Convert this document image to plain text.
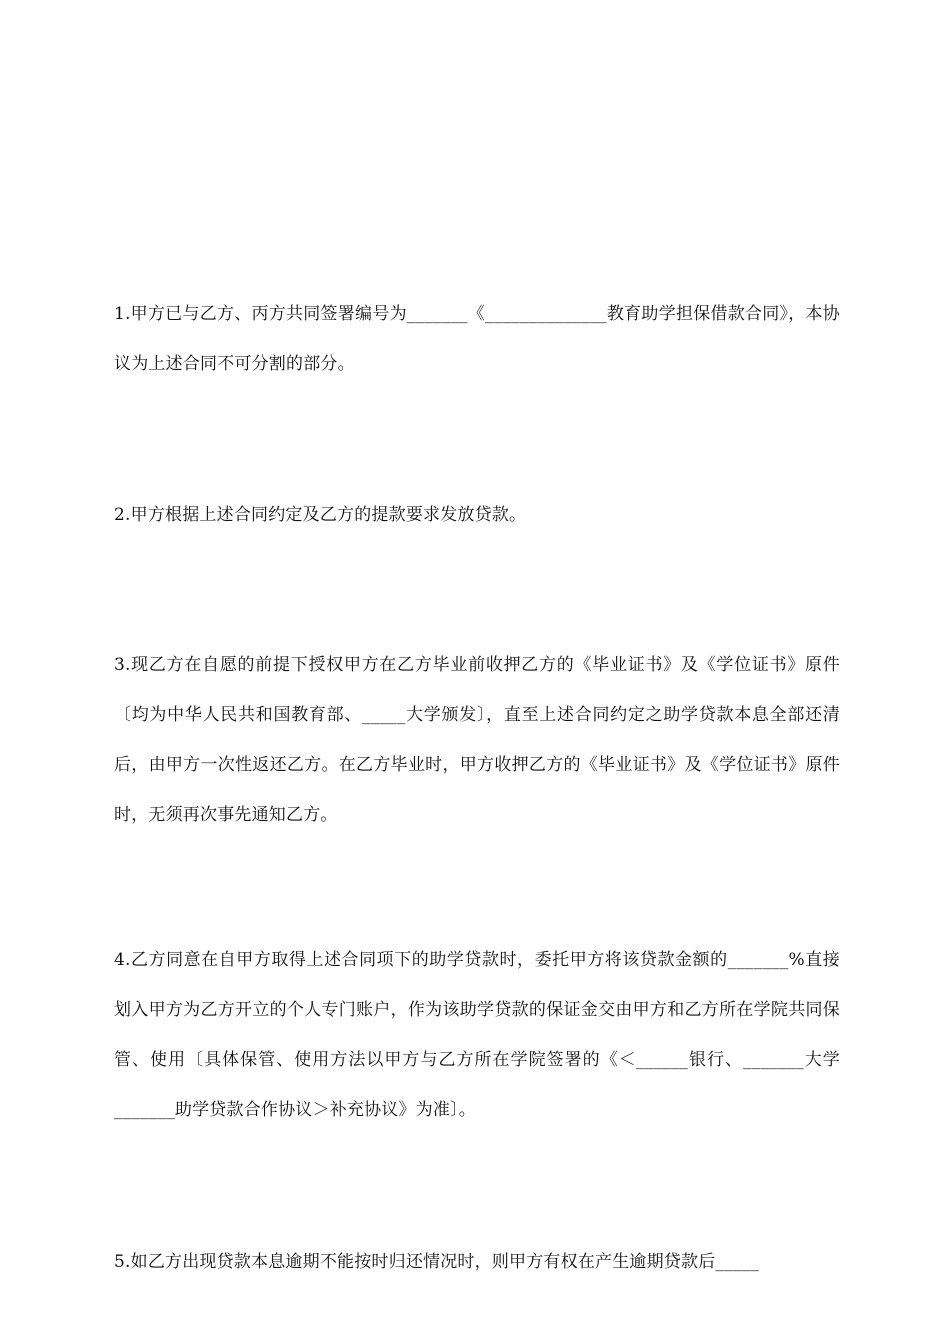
1.甲方已与乙方、丙方共同签署编号为_______《______________教育助学担保借款合同》，本协议为上述合同不可分割的部分。

2.甲方根据上述合同约定及乙方的提款要求发放贷款。

3.现乙方在自愿的前提下授权甲方在乙方毕业前收押乙方的《毕业证书》及《学位证书》原件〔均为中华人民共和国教育部、_____大学颁发〕，直至上述合同约定之助学贷款本息全部还清后，由甲方一次性返还乙方。在乙方毕业时，甲方收押乙方的《毕业证书》及《学位证书》原件时，无须再次事先通知乙方。

4.乙方同意在自甲方取得上述合同项下的助学贷款时，委托甲方将该贷款金额的_______%直接划入甲方为乙方开立的个人专门账户，作为该助学贷款的保证金交由甲方和乙方所在学院共同保管、使用〔具体保管、使用方法以甲方与乙方所在学院签署的《＜______银行、_______大学_______助学贷款合作协议＞补充协议》为准〕。

5.如乙方出现贷款本息逾期不能按时归还情况时，则甲方有权在产生逾期贷款后_____
